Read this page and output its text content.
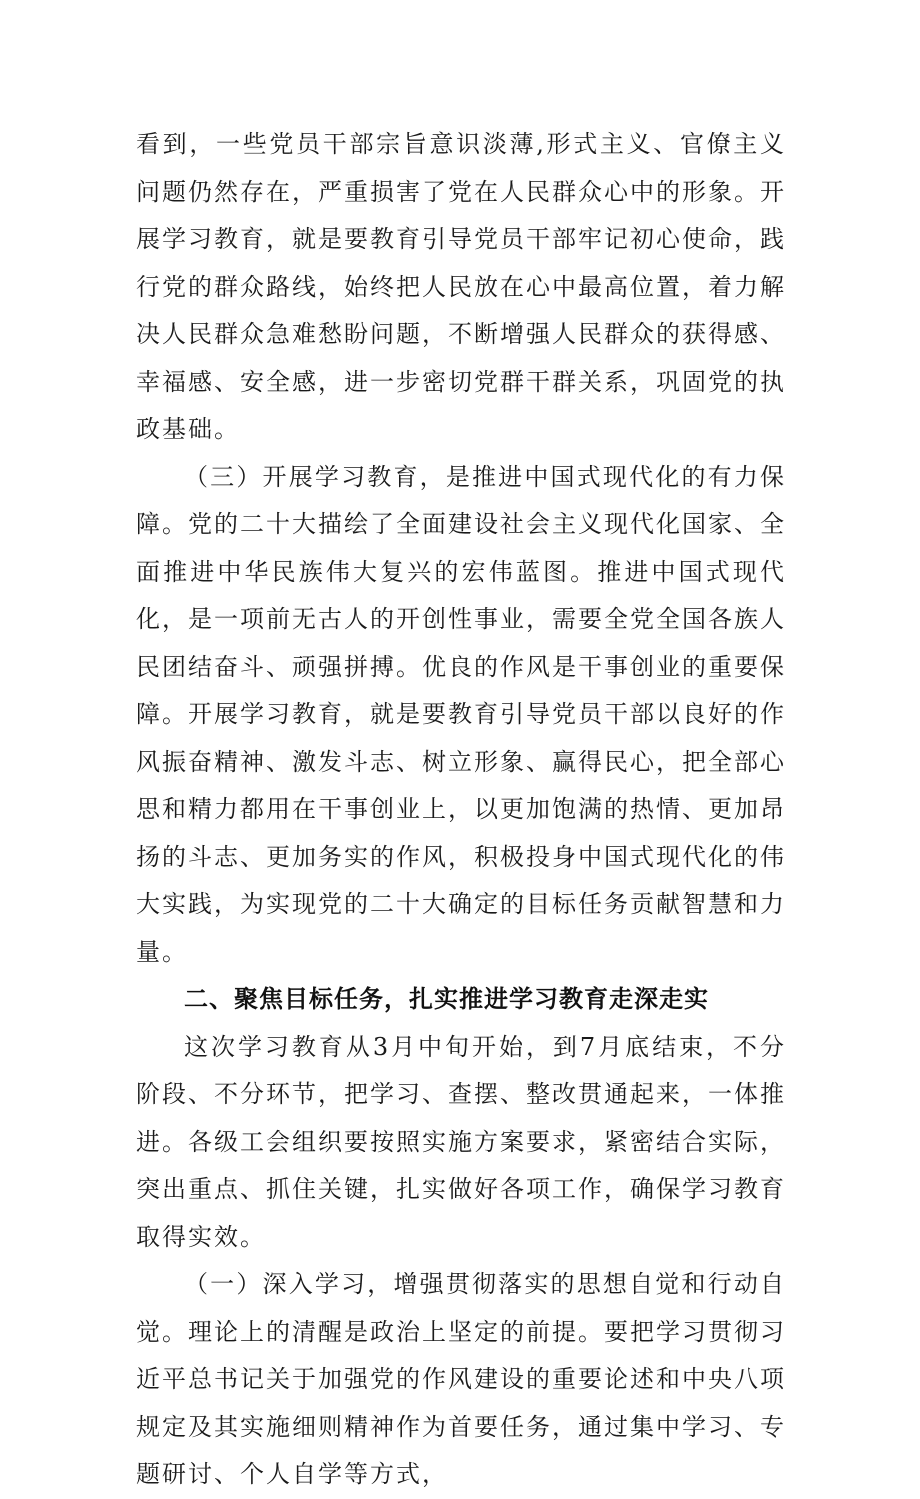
看到，一些党员干部宗旨意识淡薄,形式主义、官僚主义问题仍然存在，严重损害了党在人民群众心中的形象。开展学习教育，就是要教育引导党员干部牢记初心使命，践行党的群众路线，始终把人民放在心中最高位置，着力解决人民群众急难愁盼问题，不断增强人民群众的获得感、幸福感、安全感，进一步密切党群干群关系，巩固党的执政基础。

（三）开展学习教育，是推进中国式现代化的有力保障。党的二十大描绘了全面建设社会主义现代化国家、全面推进中华民族伟大复兴的宏伟蓝图。推进中国式现代化，是一项前无古人的开创性事业，需要全党全国各族人民团结奋斗、顽强拼搏。优良的作风是干事创业的重要保障。开展学习教育，就是要教育引导党员干部以良好的作风振奋精神、激发斗志、树立形象、赢得民心，把全部心思和精力都用在干事创业上，以更加饱满的热情、更加昂扬的斗志、更加务实的作风，积极投身中国式现代化的伟大实践，为实现党的二十大确定的目标任务贡献智慧和力量。

二、聚焦目标任务，扎实推进学习教育走深走实

这次学习教育从3月中旬开始，到7月底结束，不分阶段、不分环节，把学习、查摆、整改贯通起来，一体推进。各级工会组织要按照实施方案要求，紧密结合实际，突出重点、抓住关键，扎实做好各项工作，确保学习教育取得实效。

（一）深入学习，增强贯彻落实的思想自觉和行动自觉。理论上的清醒是政治上坚定的前提。要把学习贯彻习近平总书记关于加强党的作风建设的重要论述和中央八项规定及其实施细则精神作为首要任务，通过集中学习、专题研讨、个人自学等方式，
